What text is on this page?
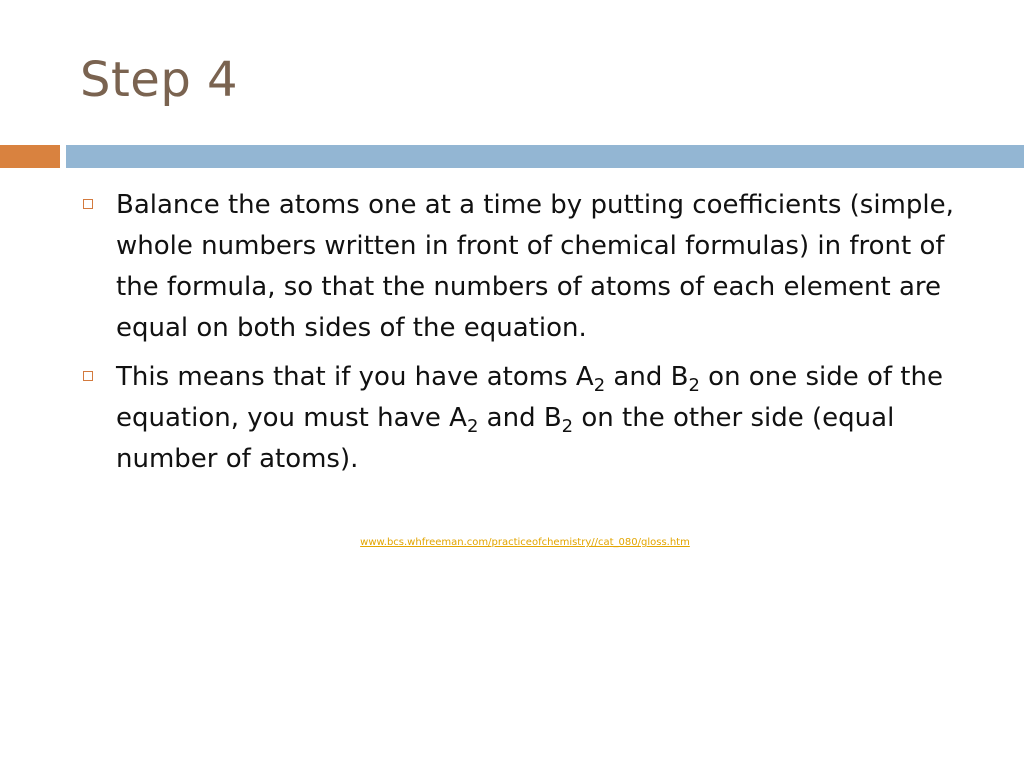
Step 4
Balance the atoms one at a time by putting coefficients (simple, whole numbers written in front of chemical formulas) in front of the formula, so that the numbers of atoms of each element are equal on both sides of the equation.
This means that if you have atoms $A_2$ and $B_2$ on one side of the equation, you must have $A_2$ and $B_2$ on the other side (equal number of atoms).
www.bcs.whfreeman.com/practiceofchemistry//cat_080/gloss.htm
